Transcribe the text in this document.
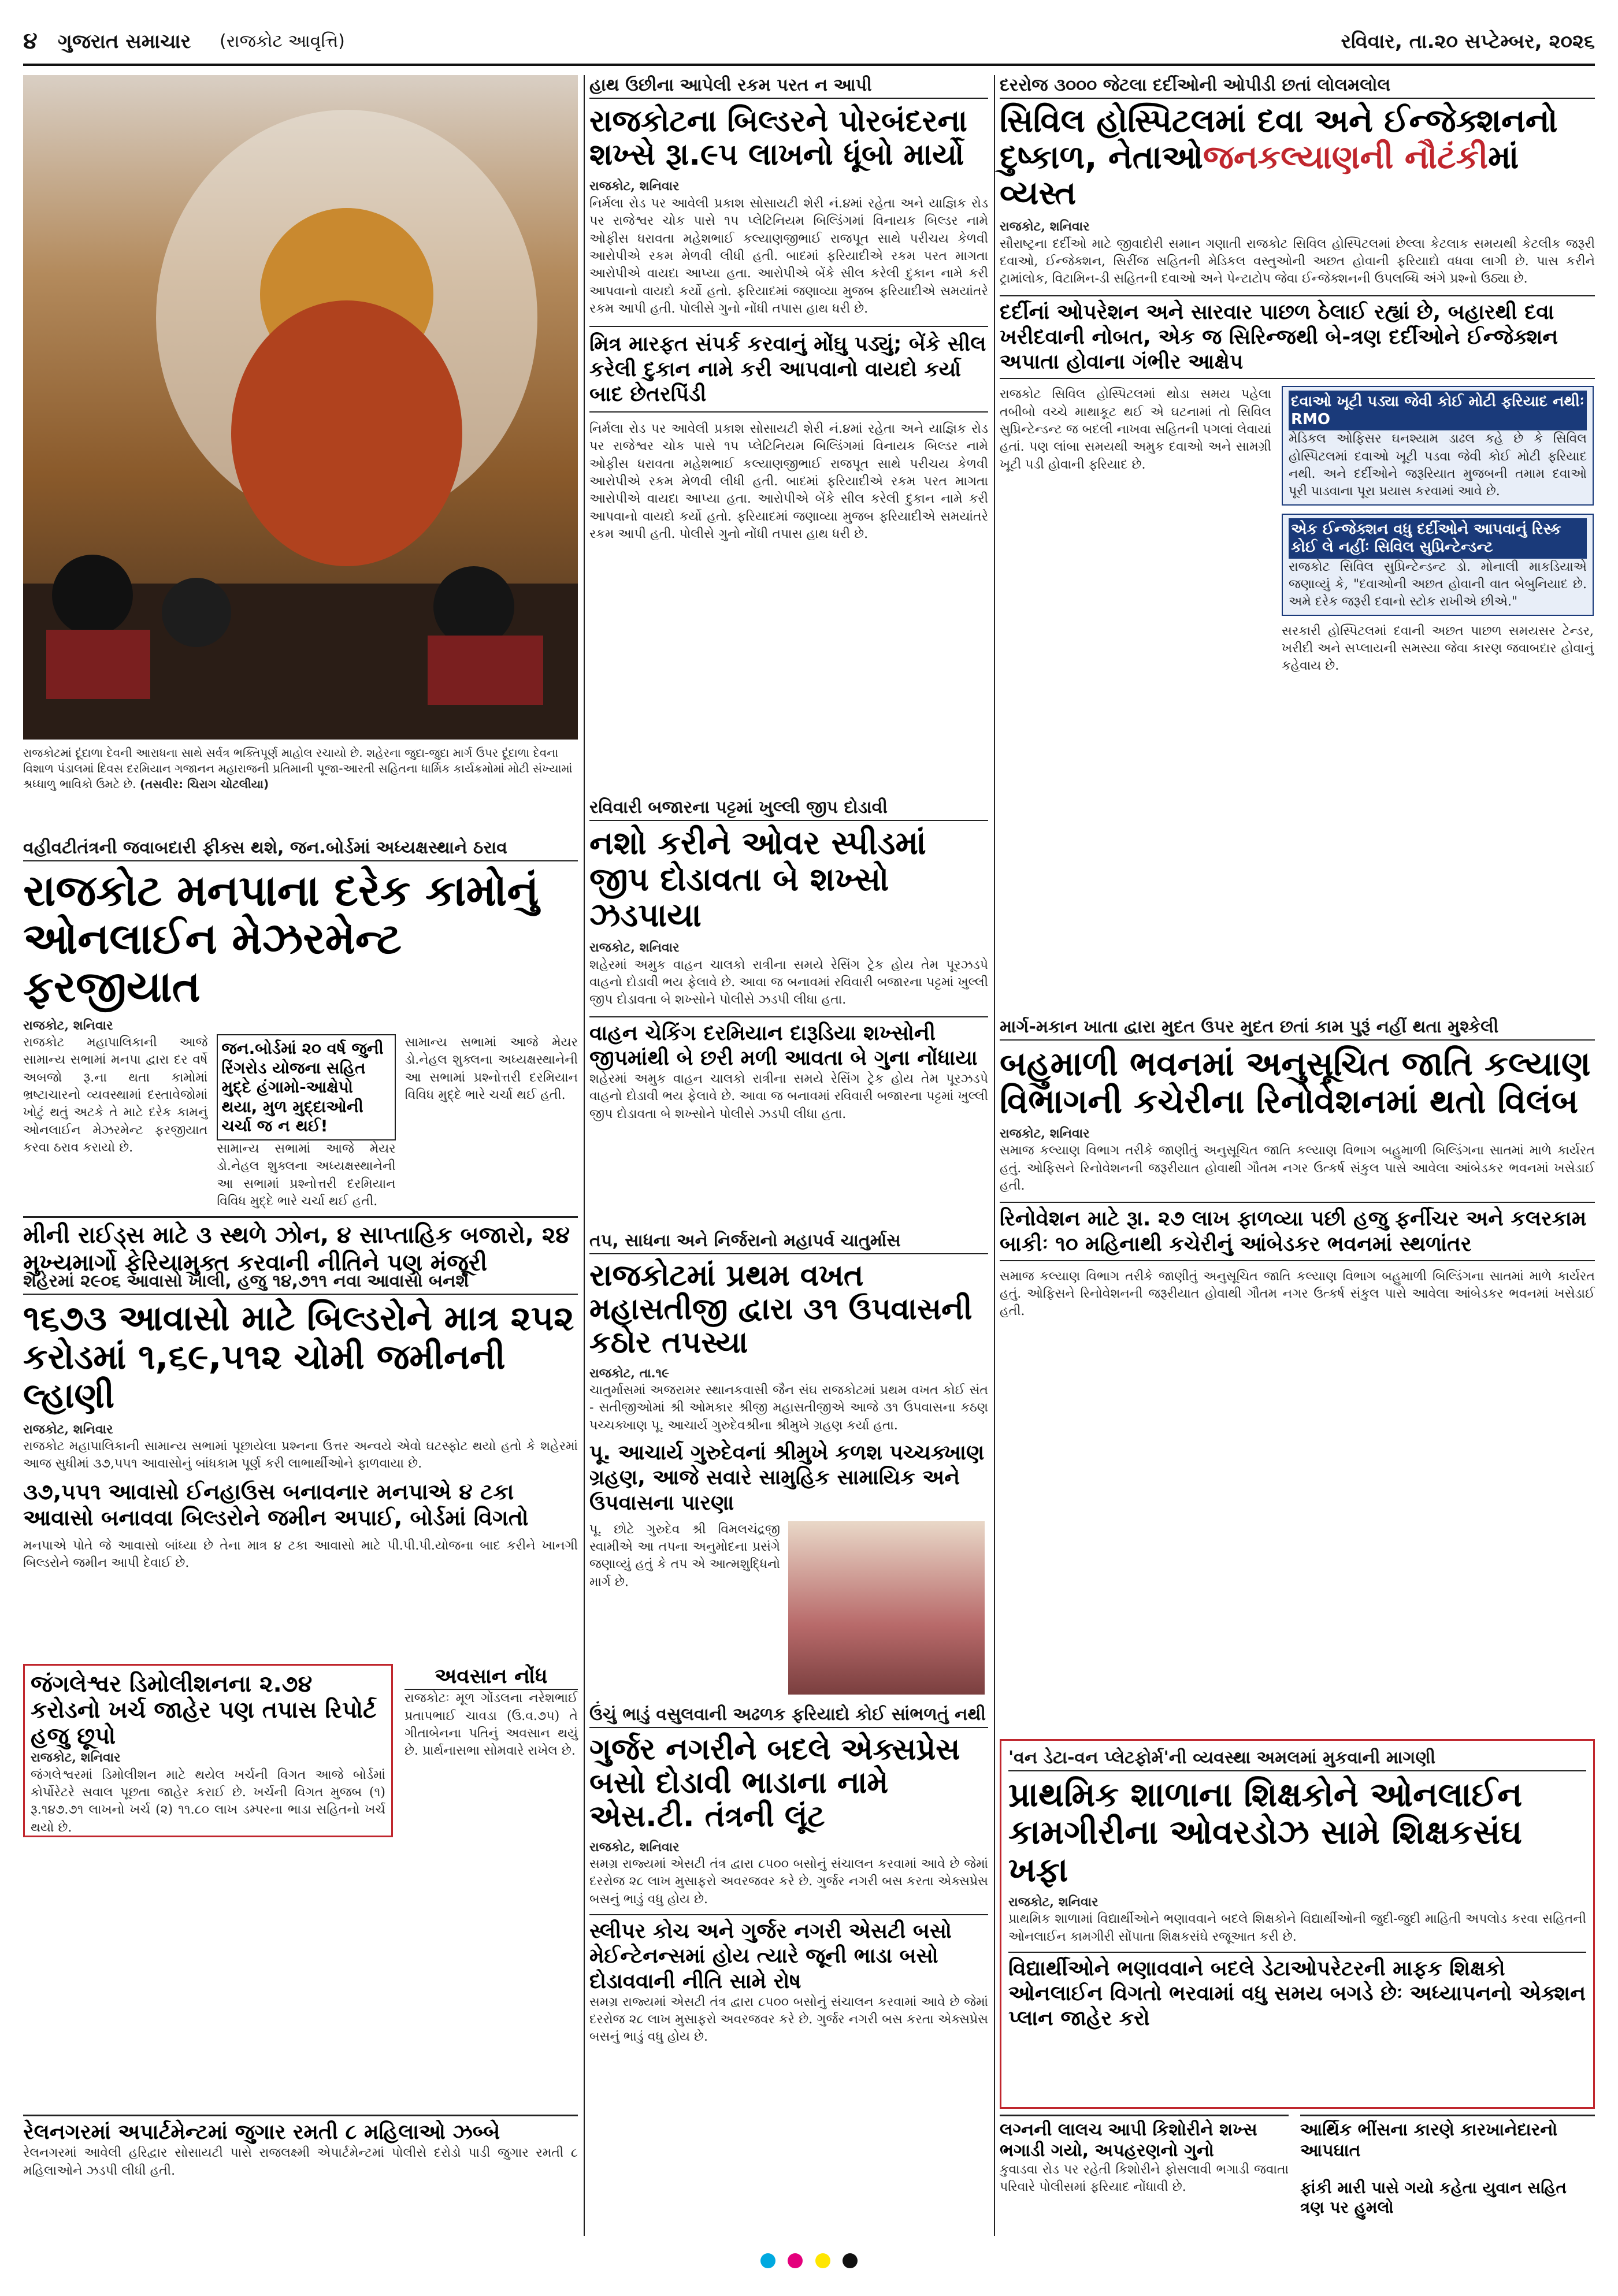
૪ ગુજરાત સમાચાર (રાજકોટ આવૃત્તિ)	રવિવાર, તા.૨૦ સપ્ટેમ્બર, ૨૦૨૬
રાજકોટમાં દૂંદાળા દેવની આરાધના સાથે સર્વત્ર ભક્તિપૂર્ણ માહોલ રચાયો છે. શહેરના જુદા-જુદા માર્ગ ઉપર દૂંદાળા દેવના વિશાળ પંડાલમાં દિવસ દરમિયાન ગજાનન મહારાજની પ્રતિમાની પૂજા-આરતી સહિતના ધાર્મિક કાર્યક્રમોમાં મોટી સંખ્યામાં શ્રધ્ધાળુ ભાવિકો ઉમટે છે. (તસવીર: ચિરાગ ચોટલીયા)
હાથ ઉછીના આપેલી રકમ પરત ન આપી
રાજકોટના બિલ્ડરને પોરબંદરના શખ્સે રૂા.૯૫ લાખનો ધૂંબો માર્યો
રાજકોટ, શનિવાર
નિર્મલા રોડ પર આવેલી પ્રકાશ સોસાયટી શેરી નં.૪માં રહેતા અને યાજ્ઞિક રોડ પર રાજેશ્વર ચોક પાસે ૧૫ પ્લેટિનિયમ બિલ્ડિંગમાં વિનાયક બિલ્ડર નામે ઓફીસ ધરાવતા મહેશભાઈ કલ્યાણજીભાઈ રાજપૂત સાથે પરીચય કેળવી આરોપીએ રકમ મેળવી લીધી હતી. બાદમાં ફરિયાદીએ રકમ પરત માગતા આરોપીએ વાયદા આપ્યા હતા. આરોપીએ બેંકે સીલ કરેલી દુકાન નામે કરી આપવાનો વાયદો કર્યો હતો. ફરિયાદમાં જણાવ્યા મુજબ ફરિયાદીએ સમયાંતરે રકમ આપી હતી. પોલીસે ગુનો નોંધી તપાસ હાથ ધરી છે.
મિત્ર મારફત સંપર્ક કરવાનું મોંઘુ પડ્યું; બેંકે સીલ કરેલી દુકાન નામે કરી આપવાનો વાયદો કર્યા બાદ છેતરપિંડી
નિર્મલા રોડ પર આવેલી પ્રકાશ સોસાયટી શેરી નં.૪માં રહેતા અને યાજ્ઞિક રોડ પર રાજેશ્વર ચોક પાસે ૧૫ પ્લેટિનિયમ બિલ્ડિંગમાં વિનાયક બિલ્ડર નામે ઓફીસ ધરાવતા મહેશભાઈ કલ્યાણજીભાઈ રાજપૂત સાથે પરીચય કેળવી આરોપીએ રકમ મેળવી લીધી હતી. બાદમાં ફરિયાદીએ રકમ પરત માગતા આરોપીએ વાયદા આપ્યા હતા. આરોપીએ બેંકે સીલ કરેલી દુકાન નામે કરી આપવાનો વાયદો કર્યો હતો. ફરિયાદમાં જણાવ્યા મુજબ ફરિયાદીએ સમયાંતરે રકમ આપી હતી. પોલીસે ગુનો નોંધી તપાસ હાથ ધરી છે.
દરરોજ ૩૦૦૦ જેટલા દર્દીઓની ઓપીડી છતાં લોલમલોલ
સિવિલ હોસ્પિટલમાં દવા અને ઈન્જેક્શનનો
દુષ્કાળ, નેતાઓજનકલ્યાણની નૌટંકીમાં વ્યસ્ત
રાજકોટ, શનિવાર
સૌરાષ્ટ્રના દર્દીઓ માટે જીવાદોરી સમાન ગણાતી રાજકોટ સિવિલ હોસ્પિટલમાં છેલ્લા કેટલાક સમયથી કેટલીક જરૂરી દવાઓ, ઈન્જેક્શન, સિરીંજ સહિતની મેડિકલ વસ્તુઓની અછત હોવાની ફરિયાદો વધવા લાગી છે. પાસ કરીને ટ્રામાંલોક, વિટામિન-ડી સહિતની દવાઓ અને પેન્ટાટોપ જેવા ઈન્જેક્શનની ઉપલબ્ધિ અંગે પ્રશ્નો ઉઠ્યા છે.
દર્દીનાં ઓપરેશન અને સારવાર પાછળ ઠેલાઈ રહ્યાં છે, બહારથી દવા ખરીદવાની નોબત, એક જ સિરિન્જથી બે-ત્રણ દર્દીઓને ઈન્જેક્શન અપાતા હોવાના ગંભીર આક્ષેપ
રાજકોટ સિવિલ હોસ્પિટલમાં થોડા સમય પહેલા તબીબો વચ્ચે માથાકૂટ થઈ એ ઘટનામાં તો સિવિલ સુપ્રિન્ટેન્ડન્ટ જ બદલી નાખવા સહિતની પગલાં લેવાયાં હતાં. પણ લાંબા સમયથી અમુક દવાઓ અને સામગ્રી ખૂટી પડી હોવાની ફરિયાદ છે.
દવાઓ ખૂટી પડ્યા જેવી કોઈ મોટી ફરિયાદ નથીઃ RMO
મેડિકલ ઓફિસર ઘનશ્યામ ડાઢલ કહે છે કે સિવિલ હોસ્પિટલમાં દવાઓ ખૂટી પડવા જેવી કોઈ મોટી ફરિયાદ નથી. અને દર્દીઓને જરૂરિયાત મુજબની તમામ દવાઓ પૂરી પાડવાના પૂરા પ્રયાસ કરવામાં આવે છે.
એક ઈન્જેક્શન વધુ દર્દીઓને આપવાનું રિસ્ક કોઈ લે નહીંઃ સિવિલ સુપ્રિન્ટેન્ડન્ટ
રાજકોટ સિવિલ સુપ્રિન્ટેન્ડન્ટ ડો. મોનાલી માકડિયાએ જણાવ્યું કે, "દવાઓની અછત હોવાની વાત બેબુનિયાદ છે. અમે દરેક જરૂરી દવાનો સ્ટોક રાખીએ છીએ."
સરકારી હોસ્પિટલમાં દવાની અછત પાછળ સમયસર ટેન્ડર, ખરીદી અને સપ્લાયની સમસ્યા જેવા કારણ જવાબદાર હોવાનું કહેવાય છે.
વહીવટીતંત્રની જવાબદારી ફીક્સ થશે, જન.બોર્ડમાં અધ્યક્ષસ્થાને ઠરાવ
રાજકોટ મનપાના દરેક કામોનું ઓનલાઈન મેઝરમેન્ટ ફરજીયાત
રાજકોટ, શનિવાર
રાજકોટ મહાપાલિકાની આજે સામાન્ય સભામાં મનપા દ્વારા દર વર્ષે અબજો રૂ.ના થતા કામોમાં ભ્રષ્ટાચારનો વ્યવસ્થામાં દસ્તાવેજોમાં ખોટું થતું અટકે તે માટે દરેક કામનું ઓનલાઈન મેઝરમેન્ટ ફરજીયાત કરવા ઠરાવ કરાયો છે.
જન.બોર્ડમાં ૨૦ વર્ષ જુની રિંગરોડ યોજના સહિત મુદ્દે હંગામો-આક્ષેપો થયા, મુળ મુદ્દાઓની ચર્ચા જ ન થઈ!
સામાન્ય સભામાં આજે મેયર ડો.નેહલ શુક્લના અધ્યક્ષસ્થાનેની આ સભામાં પ્રશ્નોત્તરી દરમિયાન વિવિધ મુદ્દે ભારે ચર્ચા થઈ હતી.
સામાન્ય સભામાં આજે મેયર ડો.નેહલ શુક્લના અધ્યક્ષસ્થાનેની આ સભામાં પ્રશ્નોત્તરી દરમિયાન વિવિધ મુદ્દે ભારે ચર્ચા થઈ હતી.
મીની રાઈડ્સ માટે ૩ સ્થળે ઝોન, ૪ સાપ્તાહિક બજારો, ૨૪ મુખ્યમાર્ગો ફેરિયામુક્ત કરવાની નીતિને પણ મંજૂરી
રવિવારી બજારના પટ્ટમાં ખુલ્લી જીપ દોડાવી
નશો કરીને ઓવર સ્પીડમાં જીપ દોડાવતા બે શખ્સો ઝડપાયા
રાજકોટ, શનિવાર
શહેરમાં અમુક વાહન ચાલકો રાત્રીના સમયે રેસિંગ ટ્રેક હોય તેમ પૂરઝડપે વાહનો દોડાવી ભય ફેલાવે છે. આવા જ બનાવમાં રવિવારી બજારના પટ્ટમાં ખુલ્લી જીપ દોડાવતા બે શખ્સોને પોલીસે ઝડપી લીધા હતા.
વાહન ચેકિંગ દરમિયાન દારૂડિયા શખ્સોની જીપમાંથી બે છરી મળી આવતા બે ગુના નોંધાયા
શહેરમાં અમુક વાહન ચાલકો રાત્રીના સમયે રેસિંગ ટ્રેક હોય તેમ પૂરઝડપે વાહનો દોડાવી ભય ફેલાવે છે. આવા જ બનાવમાં રવિવારી બજારના પટ્ટમાં ખુલ્લી જીપ દોડાવતા બે શખ્સોને પોલીસે ઝડપી લીધા હતા.
તપ, સાધના અને નિર્જરાનો મહાપર્વ ચાતુર્માસ
રાજકોટમાં પ્રથમ વખત મહાસતીજી દ્વારા ૩૧ ઉપવાસની કઠોર તપસ્યા
રાજકોટ, તા.૧૯
ચાતુર્માસમાં અજરામર સ્થાનકવાસી જૈન સંઘ રાજકોટમાં પ્રથમ વખત કોઈ સંત - સતીજીઓમાં શ્રી ઓમકાર શ્રીજી મહાસતીજીએ આજે ૩૧ ઉપવાસના કઠણ પચ્ચક્ખાણ પૂ. આચાર્ય ગુરુદેવશ્રીના શ્રીમુખે ગ્રહણ કર્યા હતા.
પૂ. આચાર્ય ગુરુદેવનાં શ્રીમુખે કળશ પચ્ચક્ખાણ ગ્રહણ, આજે સવારે સામુહિક સામાયિક અને ઉપવાસના પારણા
પૂ. છોટે ગુરુદેવ શ્રી વિમલચંદ્રજી સ્વામીએ આ તપના અનુમોદના પ્રસંગે જણાવ્યું હતું કે તપ એ આત્મશુદ્ધિનો માર્ગ છે.
માર્ગ-મકાન ખાતા દ્વારા મુદત ઉપર મુદત છતાં કામ પુરૂં નહીં થતા મુશ્કેલી
બહુમાળી ભવનમાં અનુસૂચિત જાતિ કલ્યાણ વિભાગની કચેરીના રિનોવેશનમાં થતો વિલંબ
રાજકોટ, શનિવાર
સમાજ કલ્યાણ વિભાગ તરીકે જાણીતું અનુસૂચિત જાતિ કલ્યાણ વિભાગ બહુમાળી બિલ્ડિંગના સાતમાં માળે કાર્યરત હતું. ઓફિસને રિનોવેશનની જરૂરીયાત હોવાથી ગૌતમ નગર ઉત્કર્ષ સંકુલ પાસે આવેલા આંબેડકર ભવનમાં ખસેડાઈ હતી.
રિનોવેશન માટે રૂા. ૨૭ લાખ ફાળવ્યા પછી હજુ ફર્નીચર અને કલરકામ બાકીઃ ૧૦ મહિનાથી કચેરીનું આંબેડકર ભવનમાં સ્થળાંતર
સમાજ કલ્યાણ વિભાગ તરીકે જાણીતું અનુસૂચિત જાતિ કલ્યાણ વિભાગ બહુમાળી બિલ્ડિંગના સાતમાં માળે કાર્યરત હતું. ઓફિસને રિનોવેશનની જરૂરીયાત હોવાથી ગૌતમ નગર ઉત્કર્ષ સંકુલ પાસે આવેલા આંબેડકર ભવનમાં ખસેડાઈ હતી.
શહેરમાં ૨૯૦૬ આવાસો ખાલી, હજુ ૧૪,૭૧૧ નવા આવાસો બનશે
૧૬૭૩ આવાસો માટે બિલ્ડરોને માત્ર ૨૫૨ કરોડમાં ૧,૬૯,૫૧૨ ચોમી જમીનની લ્હાણી
રાજકોટ, શનિવાર
રાજકોટ મહાપાલિકાની સામાન્ય સભામાં પૂછાયેલા પ્રશ્નના ઉત્તર અન્વયે એવો ઘટસ્ફોટ થયો હતો કે શહેરમાં આજ સુધીમાં ૩૭,૫૫૧ આવાસોનું બાંધકામ પૂર્ણ કરી લાભાર્થીઓને ફાળવાયા છે.
૩૭,૫૫૧ આવાસો ઈનહાઉસ બનાવનાર મનપાએ ૪ ટકા આવાસો બનાવવા બિલ્ડરોને જમીન અપાઈ, બોર્ડમાં વિગતો
મનપાએ પોતે જે આવાસો બાંધ્યા છે તેના માત્ર ૪ ટકા આવાસો માટે પી.પી.પી.યોજના બાદ કરીને ખાનગી બિલ્ડરોને જમીન આપી દેવાઈ છે.
જંગલેશ્વર ડિમોલીશનના ૨.૭૪ કરોડનો ખર્ચ જાહેર પણ તપાસ રિપોર્ટ હજુ છૂપો
રાજકોટ, શનિવાર
જંગલેશ્વરમાં ડિમોલીશન માટે થયેલ ખર્ચની વિગત આજે બોર્ડમાં કોર્પોરેટરે સવાલ પૂછતા જાહેર કરાઈ છે. ખર્ચની વિગત મુજબ (૧) રૂ.૧૪૭.૭૧ લાખનો ખર્ચ (૨) ૧૧.૮૦ લાખ ડમ્પરના ભાડા સહિતનો ખર્ચ થયો છે.
અવસાન નોંધ
રાજકોટઃ મૂળ ગોંડલના નરેશભાઈ પ્રતાપભાઈ ચાવડા (ઉ.વ.૭૫) તે ગીતાબેનના પતિનું અવસાન થયું છે. પ્રાર્થનાસભા સોમવારે રાખેલ છે.
ઉંચું ભાડું વસુલવાની અઢળક ફરિયાદો કોઈ સાંભળતું નથી
ગુર્જર નગરીને બદલે એક્સપ્રેસ બસો દોડાવી ભાડાના નામે એસ.ટી. તંત્રની લૂંટ
રાજકોટ, શનિવાર
સમગ્ર રાજ્યમાં એસટી તંત્ર દ્વારા ૮૫૦૦ બસોનું સંચાલન કરવામાં આવે છે જેમાં દરરોજ ૨૮ લાખ મુસાફરો અવરજવર કરે છે. ગુર્જર નગરી બસ કરતા એક્સપ્રેસ બસનું ભાડું વધુ હોય છે.
સ્લીપર કોચ અને ગુર્જર નગરી એસટી બસો મેઈન્ટેનન્સમાં હોય ત્યારે જૂની ભાડા બસો દોડાવવાની નીતિ સામે રોષ
સમગ્ર રાજ્યમાં એસટી તંત્ર દ્વારા ૮૫૦૦ બસોનું સંચાલન કરવામાં આવે છે જેમાં દરરોજ ૨૮ લાખ મુસાફરો અવરજવર કરે છે. ગુર્જર નગરી બસ કરતા એક્સપ્રેસ બસનું ભાડું વધુ હોય છે.
'વન ડેટા-વન પ્લેટફોર્મ'ની વ્યવસ્થા અમલમાં મુકવાની માગણી
પ્રાથમિક શાળાના શિક્ષકોને ઓનલાઈન કામગીરીના ઓવરડોઝ સામે શિક્ષકસંઘ ખફા
રાજકોટ, શનિવાર
પ્રાથમિક શાળામાં વિદ્યાર્થીઓને ભણાવવાને બદલે શિક્ષકોને વિદ્યાર્થીઓની જુદી-જુદી માહિતી અપલોડ કરવા સહિતની ઓનલાઈન કામગીરી સોંપાતા શિક્ષકસંઘે રજૂઆત કરી છે.
વિદ્યાર્થીઓને ભણાવવાને બદલે ડેટાઓપરેટરની માફક શિક્ષકો ઓનલાઈન વિગતો ભરવામાં વધુ સમય બગડે છેઃ અધ્યાપનનો એક્શન પ્લાન જાહેર કરો
રેલનગરમાં અપાર્ટમેન્ટમાં જુગાર રમતી ૮ મહિલાઓ ઝબ્બે
રેલનગરમાં આવેલી હરિદ્વાર સોસાયટી પાસે રાજલક્ષ્મી એપાર્ટમેન્ટમાં પોલીસે દરોડો પાડી જુગાર રમતી ૮ મહિલાઓને ઝડપી લીધી હતી.
લગ્નની લાલચ આપી કિશોરીને શખ્સ ભગાડી ગયો, અપહરણનો ગુનો
કુવાડવા રોડ પર રહેતી કિશોરીને ફોસલાવી ભગાડી જવાતા પરિવારે પોલીસમાં ફરિયાદ નોંધાવી છે.
આર્થિક ભીંસના કારણે કારખાનેદારનો આપઘાત
ફાંકી મારી પાસે ગયો કહેતા યુવાન સહિત ત્રણ પર હુમલો
